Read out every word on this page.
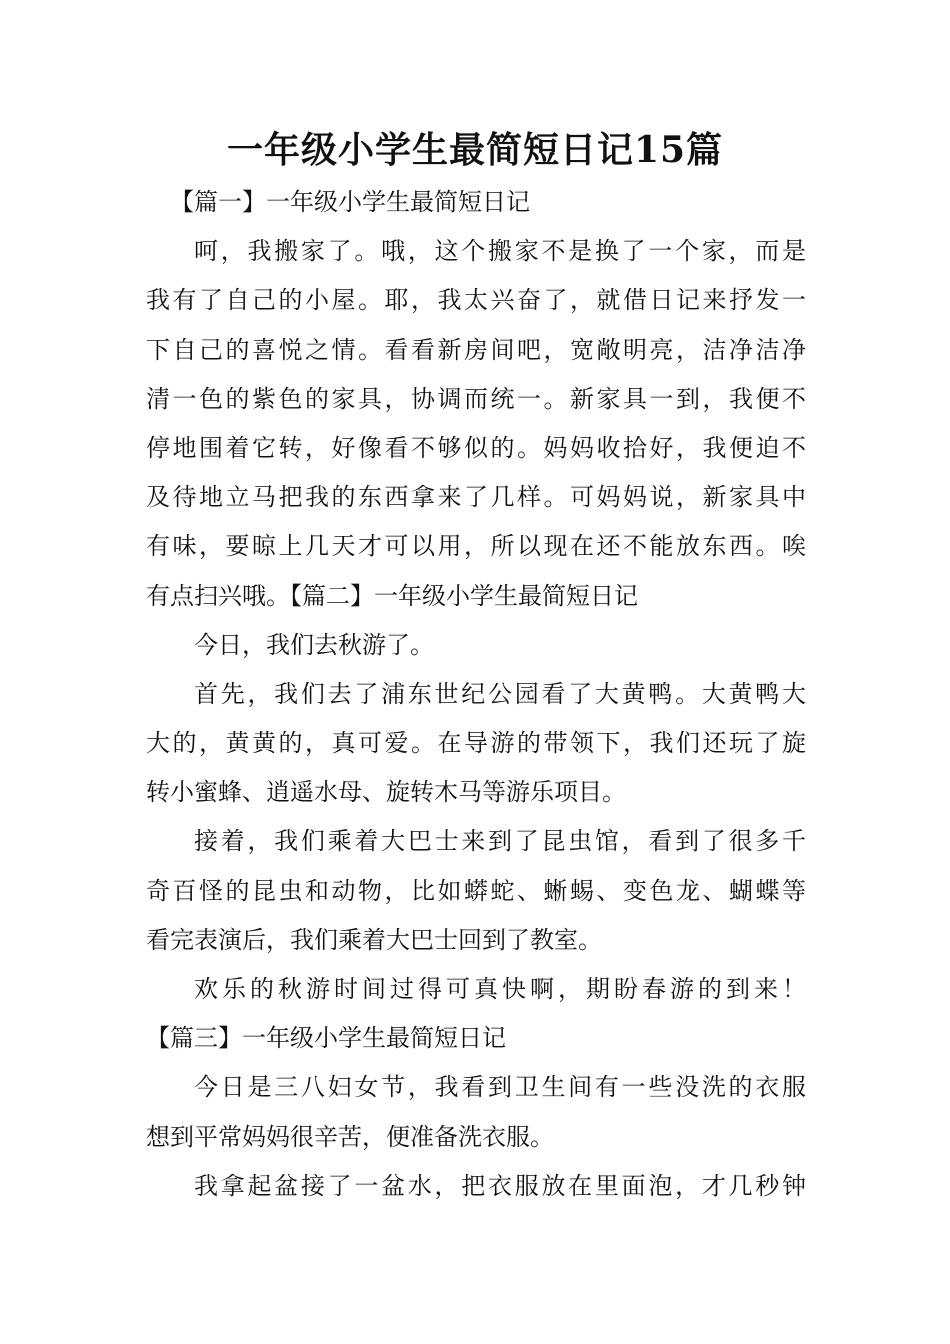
一年级小学生最简短日记15篇
【篇一】一年级小学生最简短日记
呵，我搬家了。哦，这个搬家不是换了一个家，而是
我有了自己的小屋。耶，我太兴奋了，就借日记来抒发一
下自己的喜悦之情。看看新房间吧，宽敞明亮，洁净洁净
清一色的紫色的家具，协调而统一。新家具一到，我便不
停地围着它转，好像看不够似的。妈妈收拾好，我便迫不
及待地立马把我的东西拿来了几样。可妈妈说，新家具中
有味，要晾上几天才可以用，所以现在还不能放东西。唉
有点扫兴哦。【篇二】一年级小学生最简短日记
今日，我们去秋游了。
首先，我们去了浦东世纪公园看了大黄鸭。大黄鸭大
大的，黄黄的，真可爱。在导游的带领下，我们还玩了旋
转小蜜蜂、逍遥水母、旋转木马等游乐项目。
接着，我们乘着大巴士来到了昆虫馆，看到了很多千
奇百怪的昆虫和动物，比如蟒蛇、蜥蜴、变色龙、蝴蝶等
看完表演后，我们乘着大巴士回到了教室。
欢乐的秋游时间过得可真快啊，期盼春游的到来！
【篇三】一年级小学生最简短日记
今日是三八妇女节，我看到卫生间有一些没洗的衣服
想到平常妈妈很辛苦，便准备洗衣服。
我拿起盆接了一盆水，把衣服放在里面泡，才几秒钟
